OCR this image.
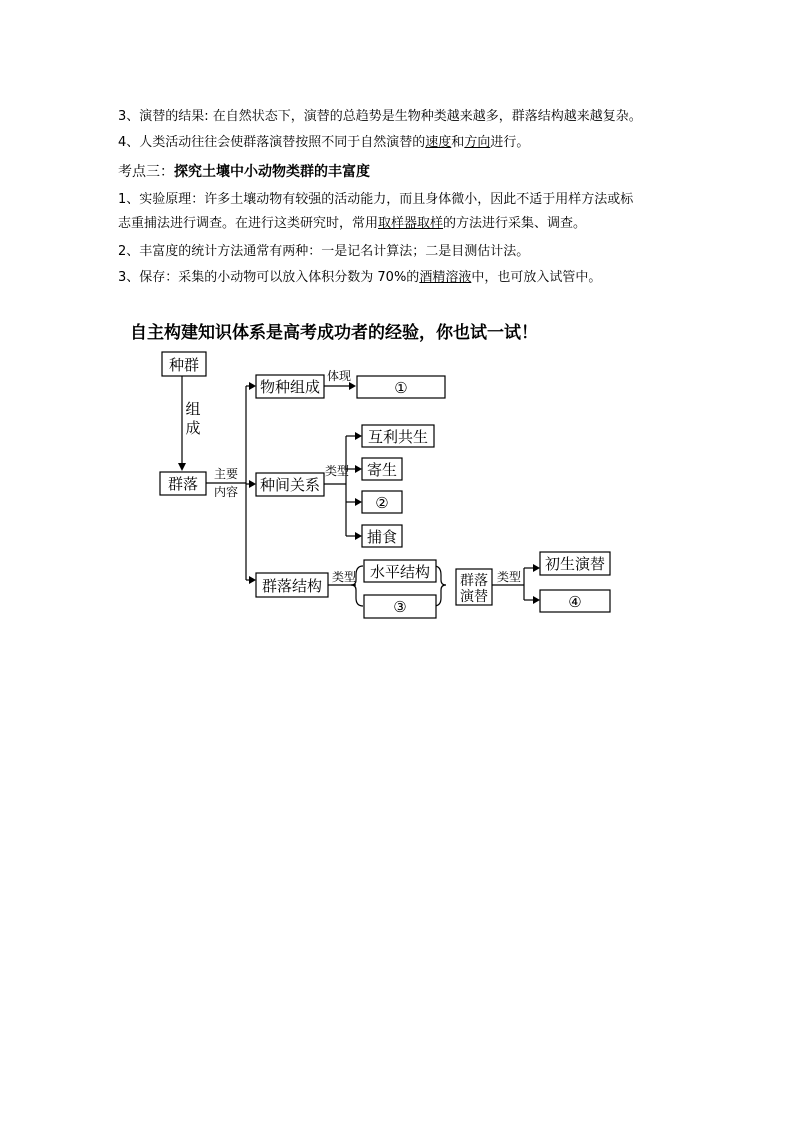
3、演替的结果: 在自然状态下，演替的总趋势是生物种类越来越多，群落结构越来越复杂。
4、人类活动往往会使群落演替按照不同于自然演替的速度和方向进行。
考点三：探究土壤中小动物类群的丰富度
1、实验原理：许多土壤动物有较强的活动能力，而且身体微小，因此不适于用样方法或标
志重捕法进行调查。在进行这类研究时，常用取样器取样的方法进行采集、调查。
2、丰富度的统计方法通常有两种：一是记名计算法；二是目测估计法。
3、保存：采集的小动物可以放入体积分数为 70%的酒精溶液中，也可放入试管中。
自主构建知识体系是高考成功者的经验，你也试一试！
种群
组
成
群落
主要
内容
物种组成
体现
①
种间关系
类型
互利共生
寄生
②
捕食
群落结构 类型 水平结构
③
群落
演替
类型
初生演替
④
